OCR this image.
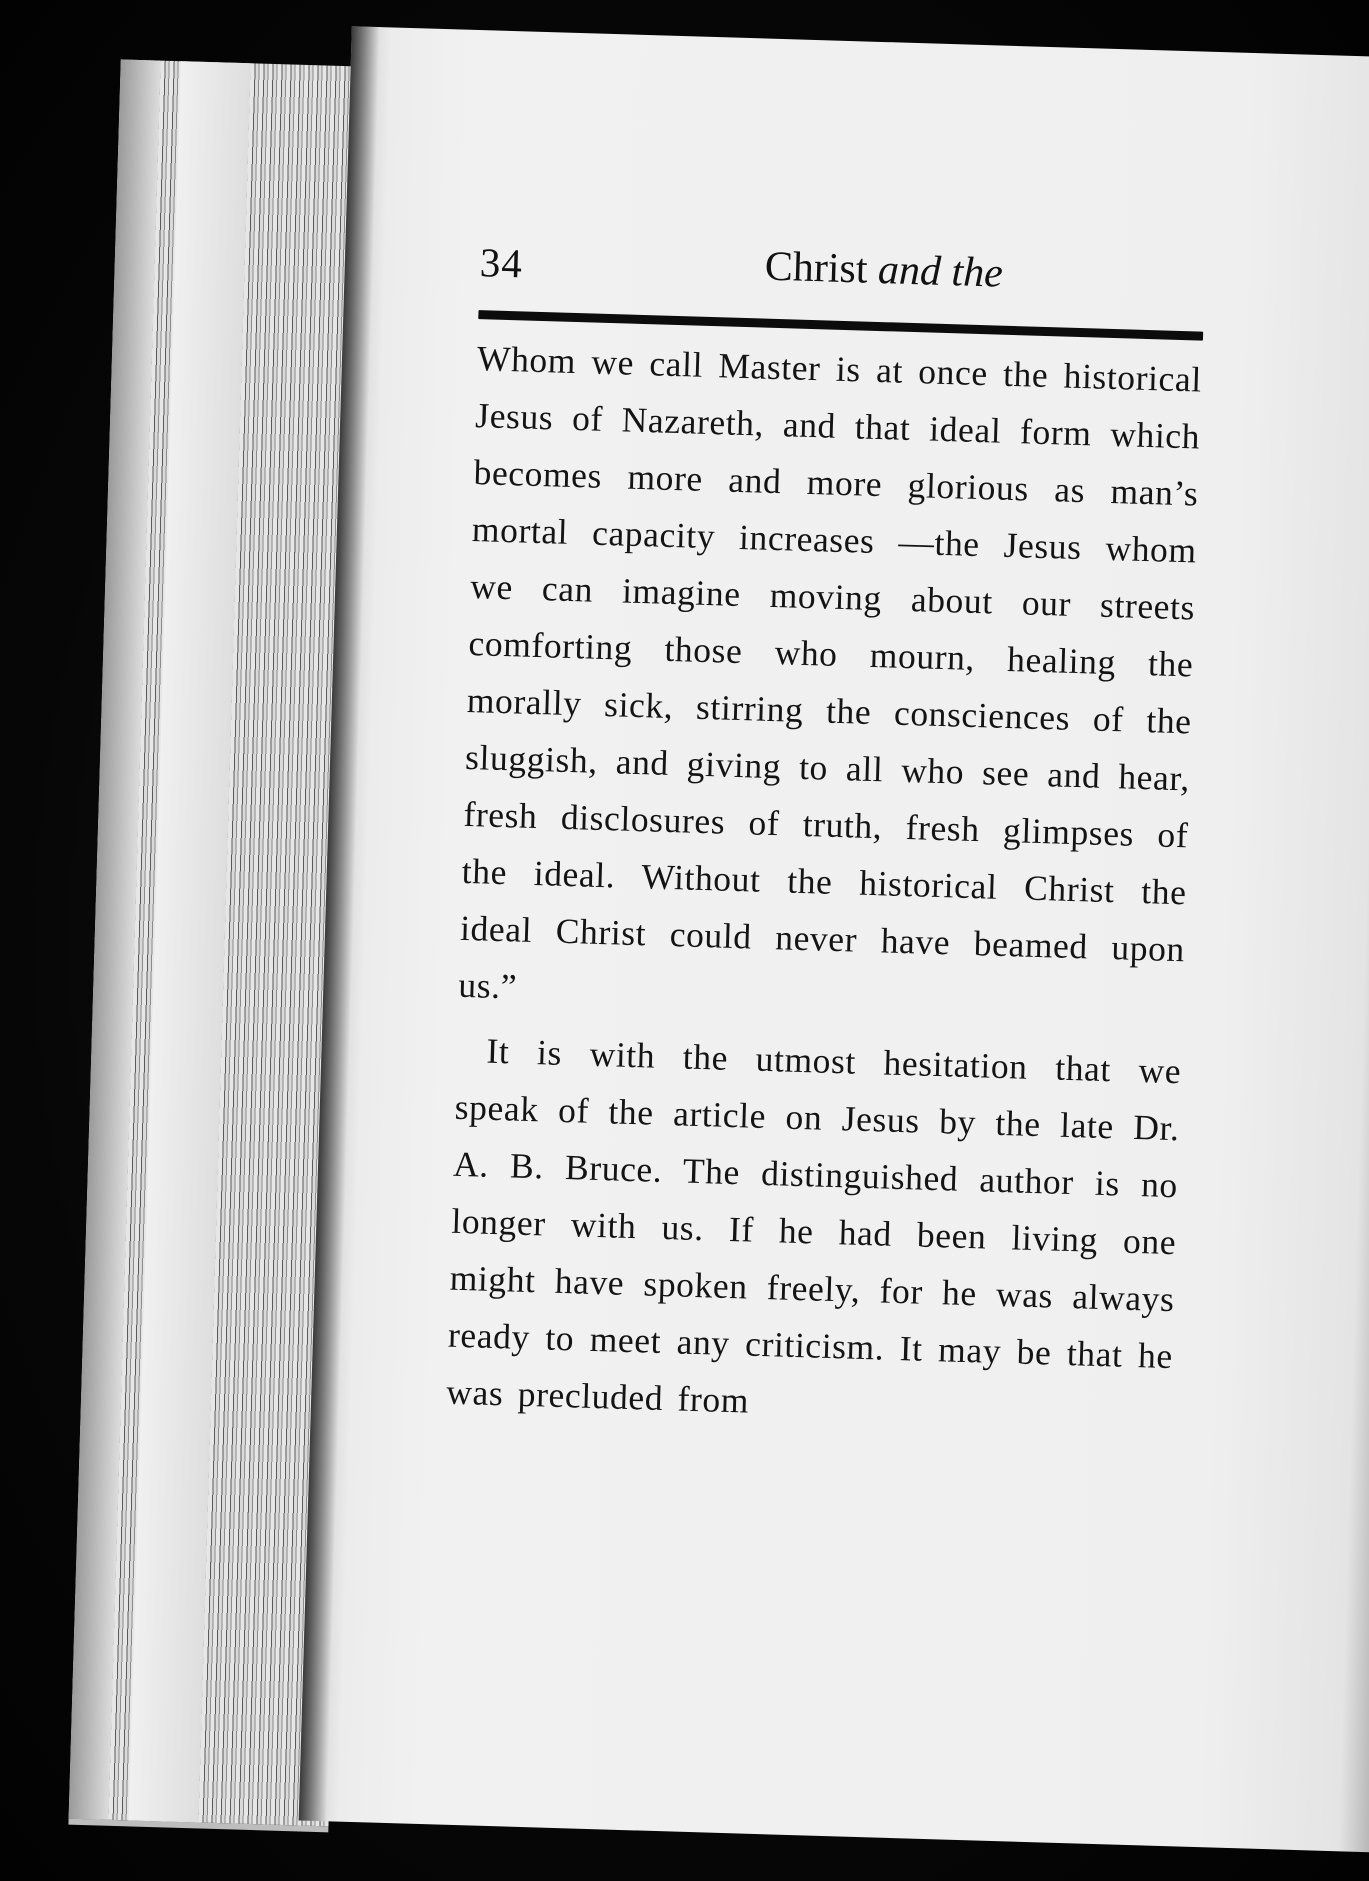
34	Christ and the

Whom we call Master is at once the historical Jesus of Nazareth, and that ideal form which becomes more and more glorious as man’s mortal capacity increases —the Jesus whom we can imagine moving about our streets comforting those who mourn, healing the morally sick, stirring the consciences of the sluggish, and giving to all who see and hear, fresh disclosures of truth, fresh glimpses of the ideal. Without the historical Christ the ideal Christ could never have beamed upon us.”

It is with the utmost hesitation that we speak of the article on Jesus by the late Dr. A. B. Bruce. The distinguished author is no longer with us. If he had been living one might have spoken freely, for he was always ready to meet any criticism. It may be that he was precluded from
